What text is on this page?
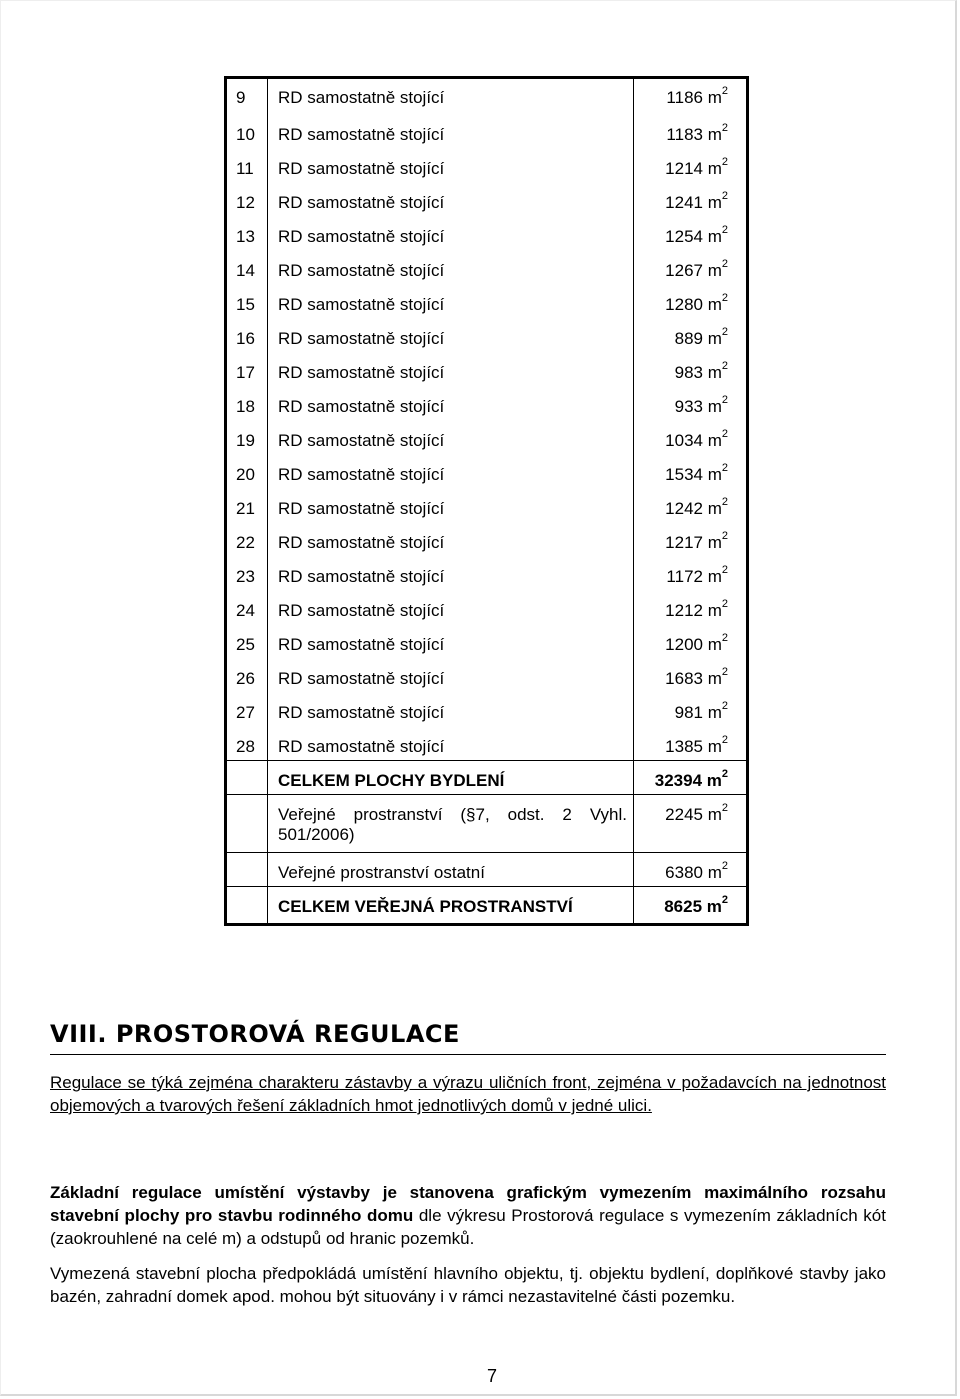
9	RD samostatně stojící	1186 $m^2$
10	RD samostatně stojící	1183 $m^2$
11	RD samostatně stojící	1214 $m^2$
12	RD samostatně stojící	1241 $m^2$
13	RD samostatně stojící	1254 $m^2$
14	RD samostatně stojící	1267 $m^2$
15	RD samostatně stojící	1280 $m^2$
16	RD samostatně stojící	889 $m^2$
17	RD samostatně stojící	983 $m^2$
18	RD samostatně stojící	933 $m^2$
19	RD samostatně stojící	1034 $m^2$
20	RD samostatně stojící	1534 $m^2$
21	RD samostatně stojící	1242 $m^2$
22	RD samostatně stojící	1217 $m^2$
23	RD samostatně stojící	1172 $m^2$
24	RD samostatně stojící	1212 $m^2$
25	RD samostatně stojící	1200 $m^2$
26	RD samostatně stojící	1683 $m^2$
27	RD samostatně stojící	981 $m^2$
28	RD samostatně stojící	1385 $m^2$
	CELKEM PLOCHY BYDLENÍ	32394 $m^2$
	Veřejné prostranství (§7, odst. 2 Vyhl. 501/2006)	2245 $m^2$
	Veřejné prostranství ostatní	6380 $m^2$
	CELKEM VEŘEJNÁ PROSTRANSTVÍ	8625 $m^2$
VIII. PROSTOROVÁ REGULACE
Regulace se týká zejména charakteru zástavby a výrazu uličních front, zejména v požadavcích na jednotnost objemových a tvarových řešení základních hmot jednotlivých domů v jedné ulici.
Základní regulace umístění výstavby je stanovena grafickým vymezením maximálního rozsahu stavební plochy pro stavbu rodinného domu dle výkresu Prostorová regulace s vymezením základních kót (zaokrouhlené na celé m) a odstupů od hranic pozemků.
Vymezená stavební plocha předpokládá umístění hlavního objektu, tj. objektu bydlení, doplňkové stavby jako bazén, zahradní domek apod. mohou být situovány i v rámci nezastavitelné části pozemku.
7
